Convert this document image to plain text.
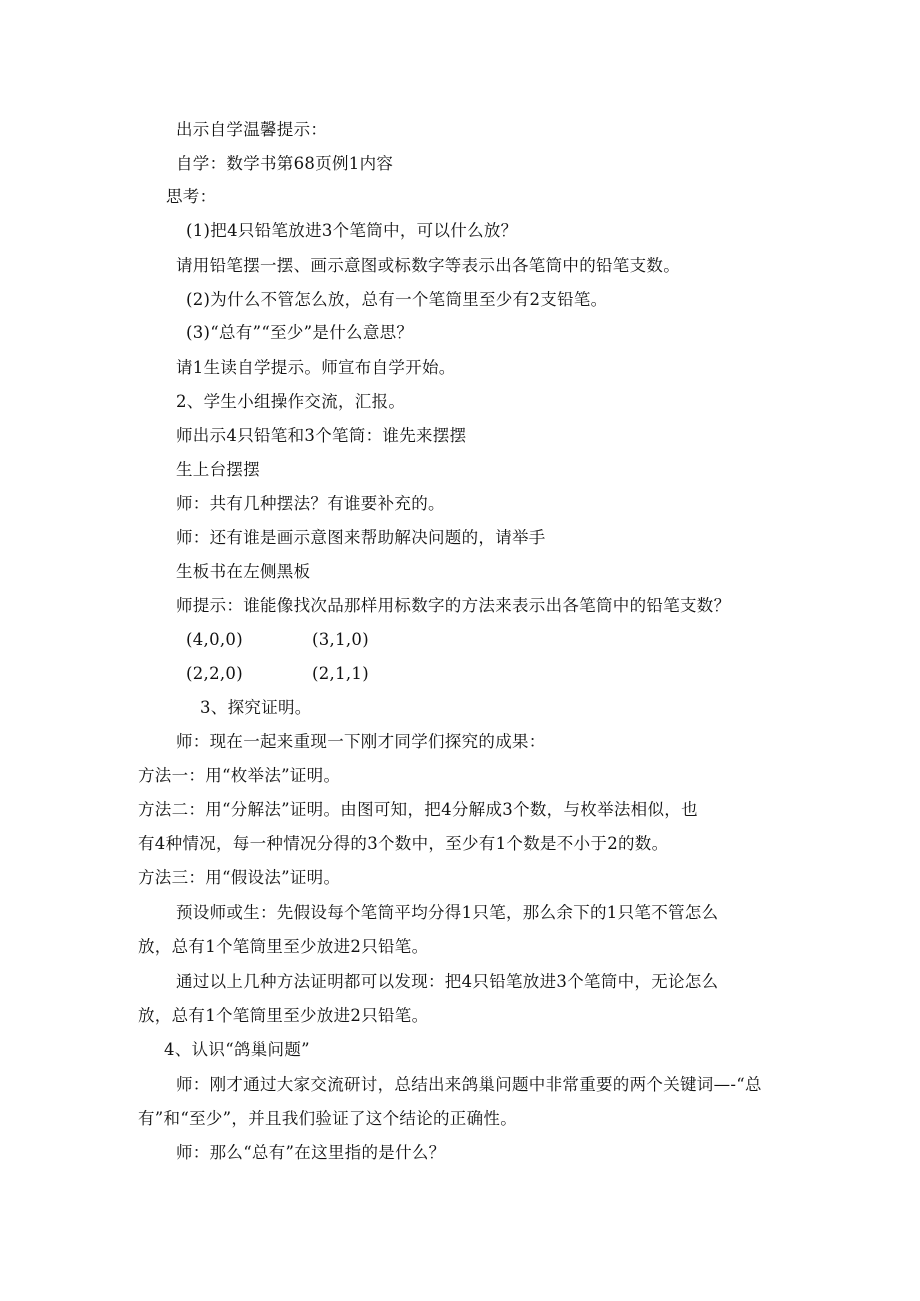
出示自学温馨提示：
自学：数学书第68页例1内容
思考：
(1)把4只铅笔放进3个笔筒中，可以什么放？
请用铅笔摆一摆、画示意图或标数字等表示出各笔筒中的铅笔支数。
(2)为什么不管怎么放，总有一个笔筒里至少有2支铅笔。
(3)“总有”“至少”是什么意思？
请1生读自学提示。师宣布自学开始。
2、学生小组操作交流，汇报。
师出示4只铅笔和3个笔筒：谁先来摆摆
生上台摆摆
师：共有几种摆法？有谁要补充的。
师：还有谁是画示意图来帮助解决问题的，请举手
生板书在左侧黑板
师提示：谁能像找次品那样用标数字的方法来表示出各笔筒中的铅笔支数？
(4,0,0)	(3,1,0)
(2,2,0)	(2,1,1)
3、探究证明。
师：现在一起来重现一下刚才同学们探究的成果：
方法一：用“枚举法”证明。
方法二：用“分解法”证明。由图可知，把4分解成3个数，与枚举法相似，也
有4种情况，每一种情况分得的3个数中，至少有1个数是不小于2的数。
方法三：用“假设法”证明。
预设师或生：先假设每个笔筒平均分得1只笔，那么余下的1只笔不管怎么
放，总有1个笔筒里至少放进2只铅笔。
通过以上几种方法证明都可以发现：把4只铅笔放进3个笔筒中，无论怎么
放，总有1个笔筒里至少放进2只铅笔。
4、认识“鸽巢问题”
师：刚才通过大家交流研讨，总结出来鸽巢问题中非常重要的两个关键词—-“总
有”和“至少”，并且我们验证了这个结论的正确性。
师：那么“总有”在这里指的是什么？
